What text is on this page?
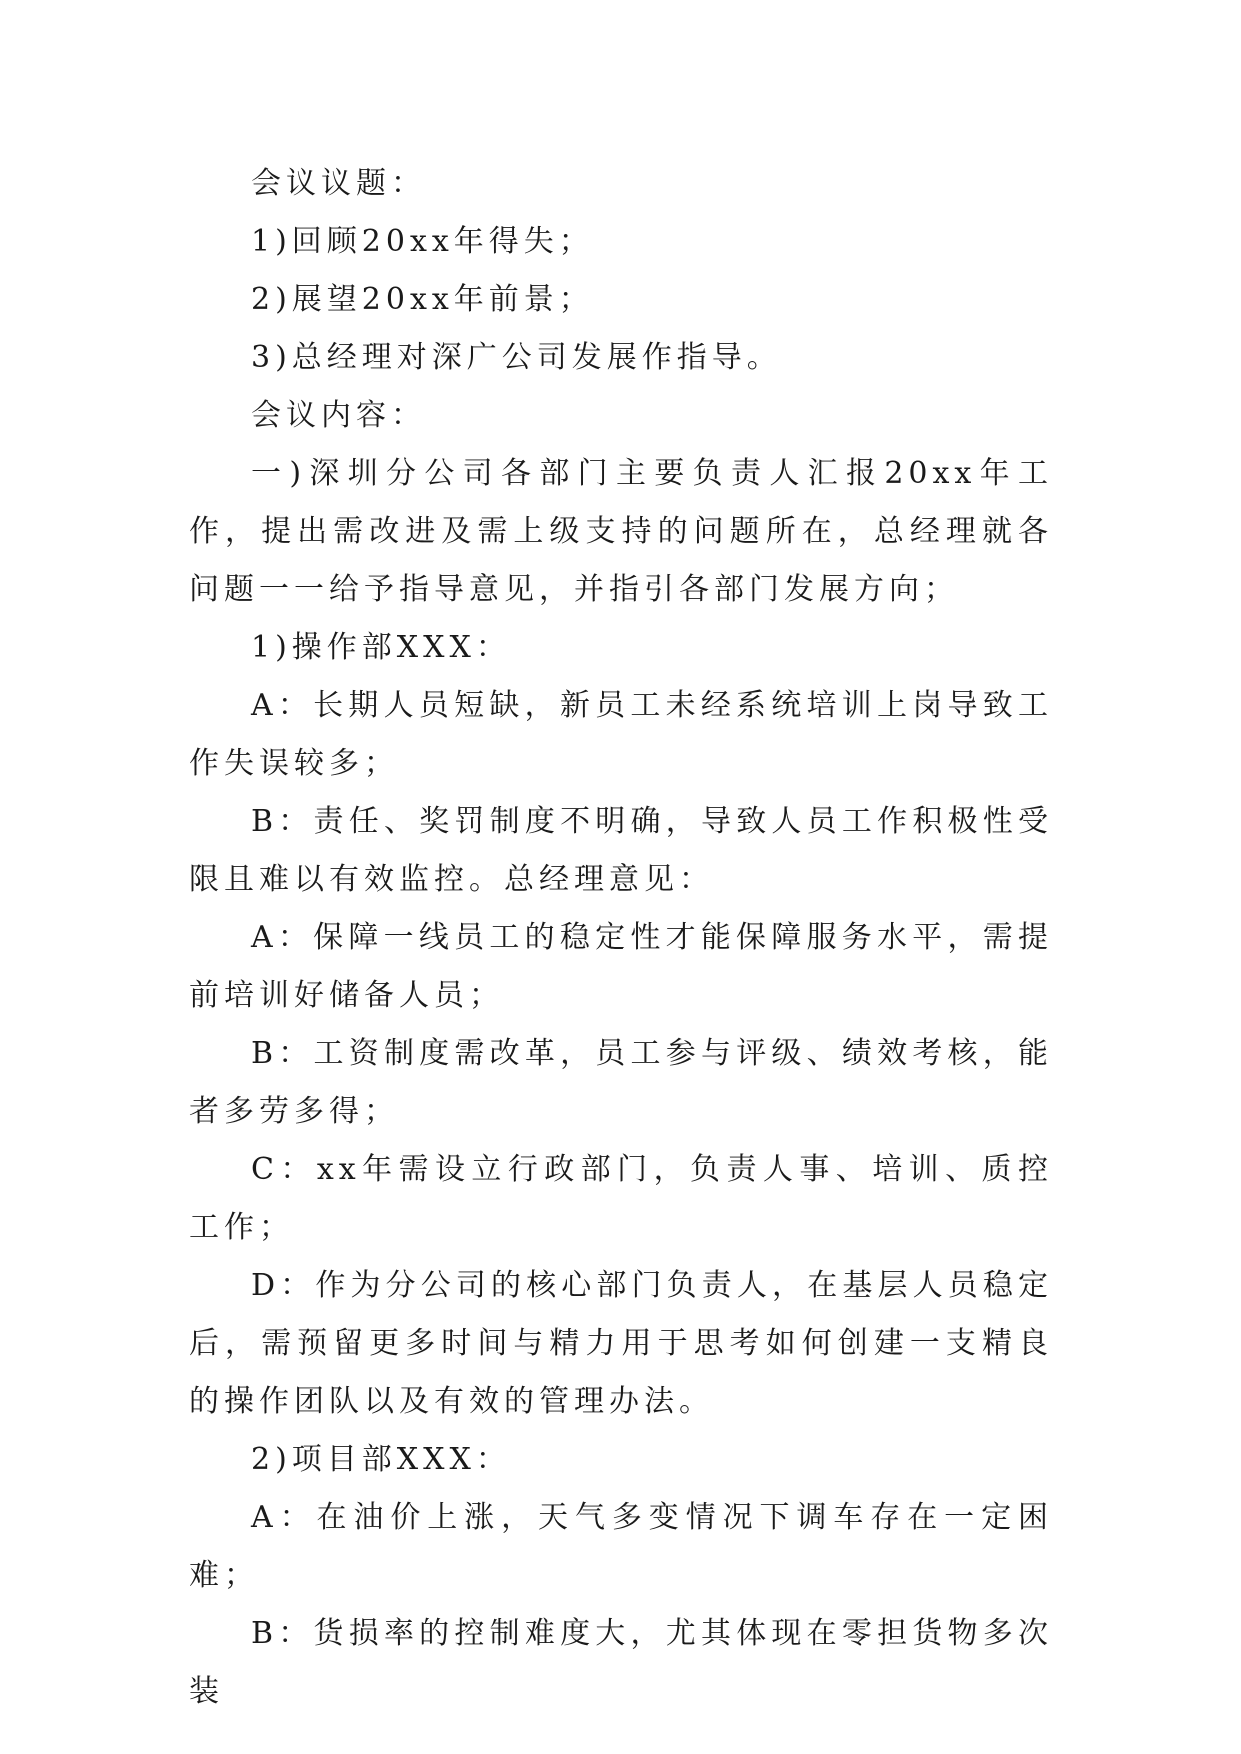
会议议题：

1)回顾20xx年得失；

2)展望20xx年前景；

3)总经理对深广公司发展作指导。

会议内容：

一)深圳分公司各部门主要负责人汇报20xx年工作，提出需改进及需上级支持的问题所在，总经理就各问题一一给予指导意见，并指引各部门发展方向；

1)操作部XXX：

A：长期人员短缺，新员工未经系统培训上岗导致工作失误较多；

B：责任、奖罚制度不明确，导致人员工作积极性受限且难以有效监控。总经理意见：

A：保障一线员工的稳定性才能保障服务水平，需提前培训好储备人员；

B：工资制度需改革，员工参与评级、绩效考核，能者多劳多得；

C：xx年需设立行政部门，负责人事、培训、质控工作；

D：作为分公司的核心部门负责人，在基层人员稳定后，需预留更多时间与精力用于思考如何创建一支精良的操作团队以及有效的管理办法。

2)项目部XXX：

A：在油价上涨，天气多变情况下调车存在一定困难；

B：货损率的控制难度大，尤其体现在零担货物多次装
